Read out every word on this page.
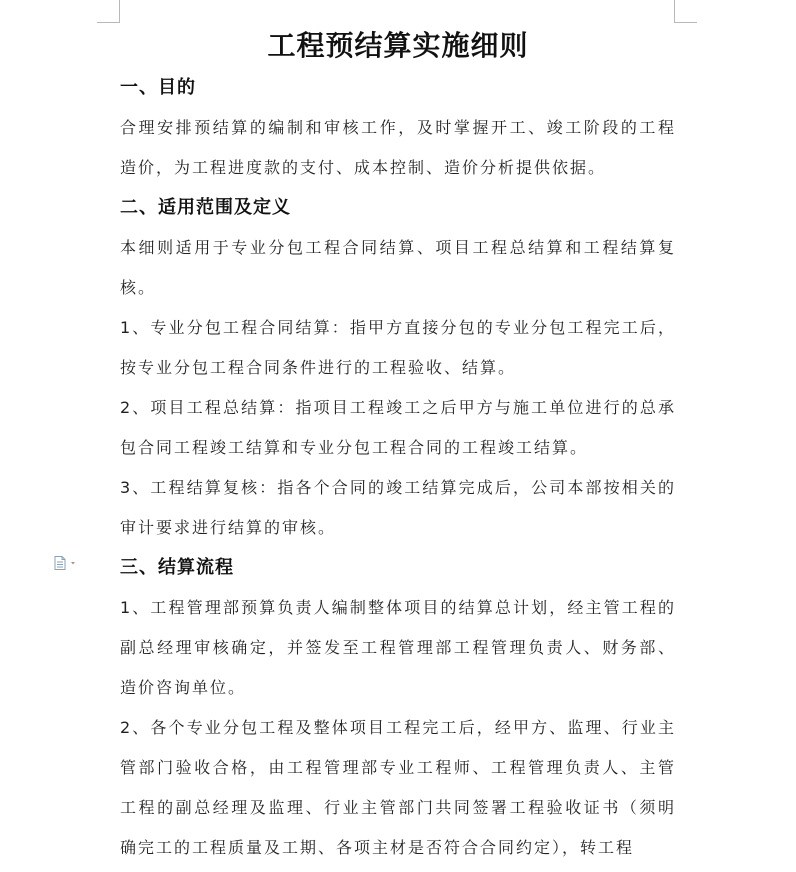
工程预结算实施细则
一、目的

合理安排预结算的编制和审核工作，及时掌握开工、竣工阶段的工程造价，为工程进度款的支付、成本控制、造价分析提供依据。

二、适用范围及定义

本细则适用于专业分包工程合同结算、项目工程总结算和工程结算复核。

1、专业分包工程合同结算：指甲方直接分包的专业分包工程完工后，按专业分包工程合同条件进行的工程验收、结算。

2、项目工程总结算：指项目工程竣工之后甲方与施工单位进行的总承包合同工程竣工结算和专业分包工程合同的工程竣工结算。

3、工程结算复核：指各个合同的竣工结算完成后，公司本部按相关的审计要求进行结算的审核。

三、结算流程

1、工程管理部预算负责人编制整体项目的结算总计划，经主管工程的副总经理审核确定，并签发至工程管理部工程管理负责人、财务部、造价咨询单位。

2、各个专业分包工程及整体项目工程完工后，经甲方、监理、行业主管部门验收合格，由工程管理部专业工程师、工程管理负责人、主管工程的副总经理及监理、行业主管部门共同签署工程验收证书（须明确完工的工程质量及工期、各项主材是否符合合同约定），转工程
